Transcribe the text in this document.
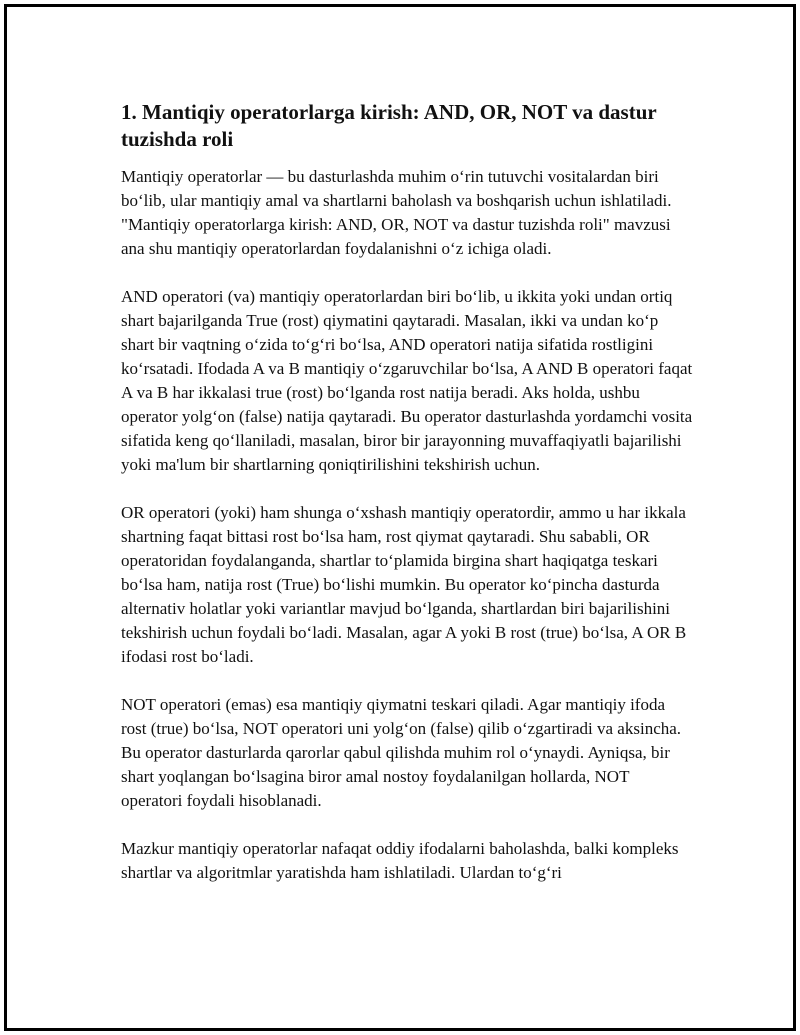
1. Mantiqiy operatorlarga kirish: AND, OR, NOT va dastur tuzishda roli

Mantiqiy operatorlar — bu dasturlashda muhim o‘rin tutuvchi vositalardan biri bo‘lib, ular mantiqiy amal va shartlarni baholash va boshqarish uchun ishlatiladi. "Mantiqiy operatorlarga kirish: AND, OR, NOT va dastur tuzishda roli" mavzusi ana shu mantiqiy operatorlardan foydalanishni o‘z ichiga oladi.

AND operatori (va) mantiqiy operatorlardan biri bo‘lib, u ikkita yoki undan ortiq shart bajarilganda True (rost) qiymatini qaytaradi. Masalan, ikki va undan ko‘p shart bir vaqtning o‘zida to‘g‘ri bo‘lsa, AND operatori natija sifatida rostligini ko‘rsatadi. Ifodada A va B mantiqiy o‘zgaruvchilar bo‘lsa, A AND B operatori faqat A va B har ikkalasi true (rost) bo‘lganda rost natija beradi. Aks holda, ushbu operator yolg‘on (false) natija qaytaradi. Bu operator dasturlashda yordamchi vosita sifatida keng qo‘llaniladi, masalan, biror bir jarayonning muvaffaqiyatli bajarilishi yoki ma'lum bir shartlarning qoniqtirilishini tekshirish uchun.

OR operatori (yoki) ham shunga o‘xshash mantiqiy operatordir, ammo u har ikkala shartning faqat bittasi rost bo‘lsa ham, rost qiymat qaytaradi. Shu sababli, OR operatoridan foydalanganda, shartlar to‘plamida birgina shart haqiqatga teskari bo‘lsa ham, natija rost (True) bo‘lishi mumkin. Bu operator ko‘pincha dasturda alternativ holatlar yoki variantlar mavjud bo‘lganda, shartlardan biri bajarilishini tekshirish uchun foydali bo‘ladi. Masalan, agar A yoki B rost (true) bo‘lsa, A OR B ifodasi rost bo‘ladi.

NOT operatori (emas) esa mantiqiy qiymatni teskari qiladi. Agar mantiqiy ifoda rost (true) bo‘lsa, NOT operatori uni yolg‘on (false) qilib o‘zgartiradi va aksincha. Bu operator dasturlarda qarorlar qabul qilishda muhim rol o‘ynaydi. Ayniqsa, bir shart yoqlangan bo‘lsagina biror amal nostoy foydalanilgan hollarda, NOT operatori foydali hisoblanadi.

Mazkur mantiqiy operatorlar nafaqat oddiy ifodalarni baholashda, balki kompleks shartlar va algoritmlar yaratishda ham ishlatiladi. Ulardan to‘g‘ri
